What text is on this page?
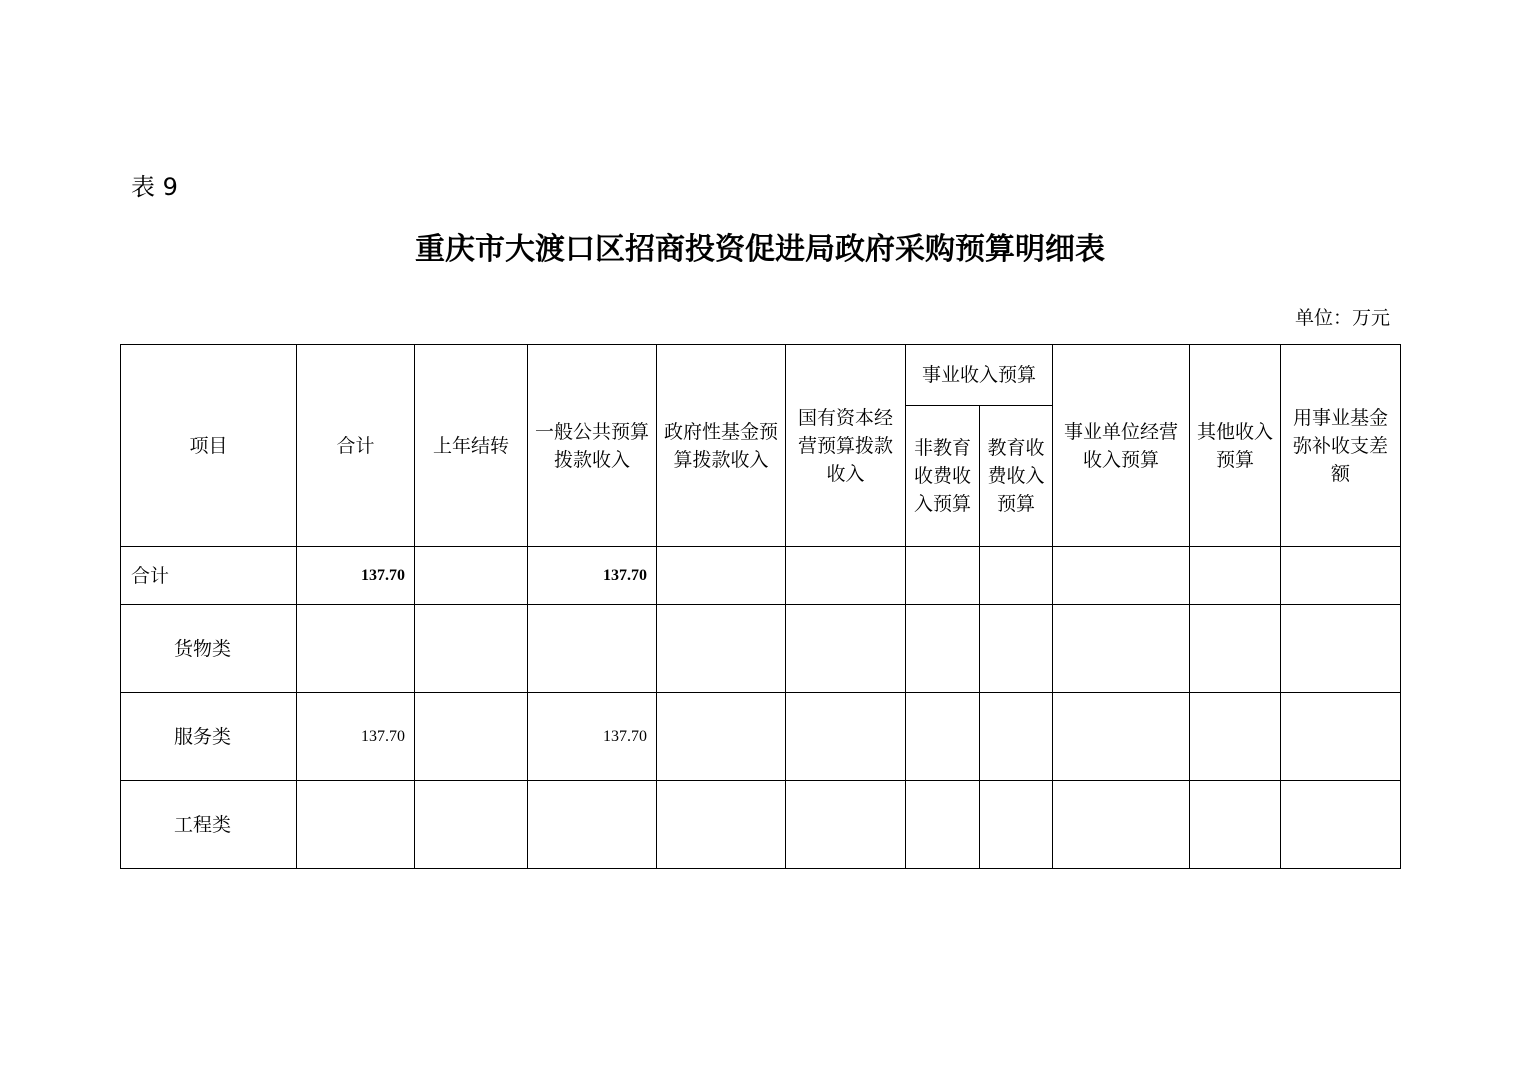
表 9
重庆市大渡口区招商投资促进局政府采购预算明细表
单位：万元
项目	合计	上年结转	一般公共预算拨款收入	政府性基金预算拨款收入	国有资本经营预算拨款收入	事业收入预算		事业单位经营收入预算	其他收入预算	用事业基金弥补收支差额
						非教育收费收入预算	教育收费收入预算			
合计	137.70		137.70							
货物类										
服务类	137.70		137.70							
工程类										
